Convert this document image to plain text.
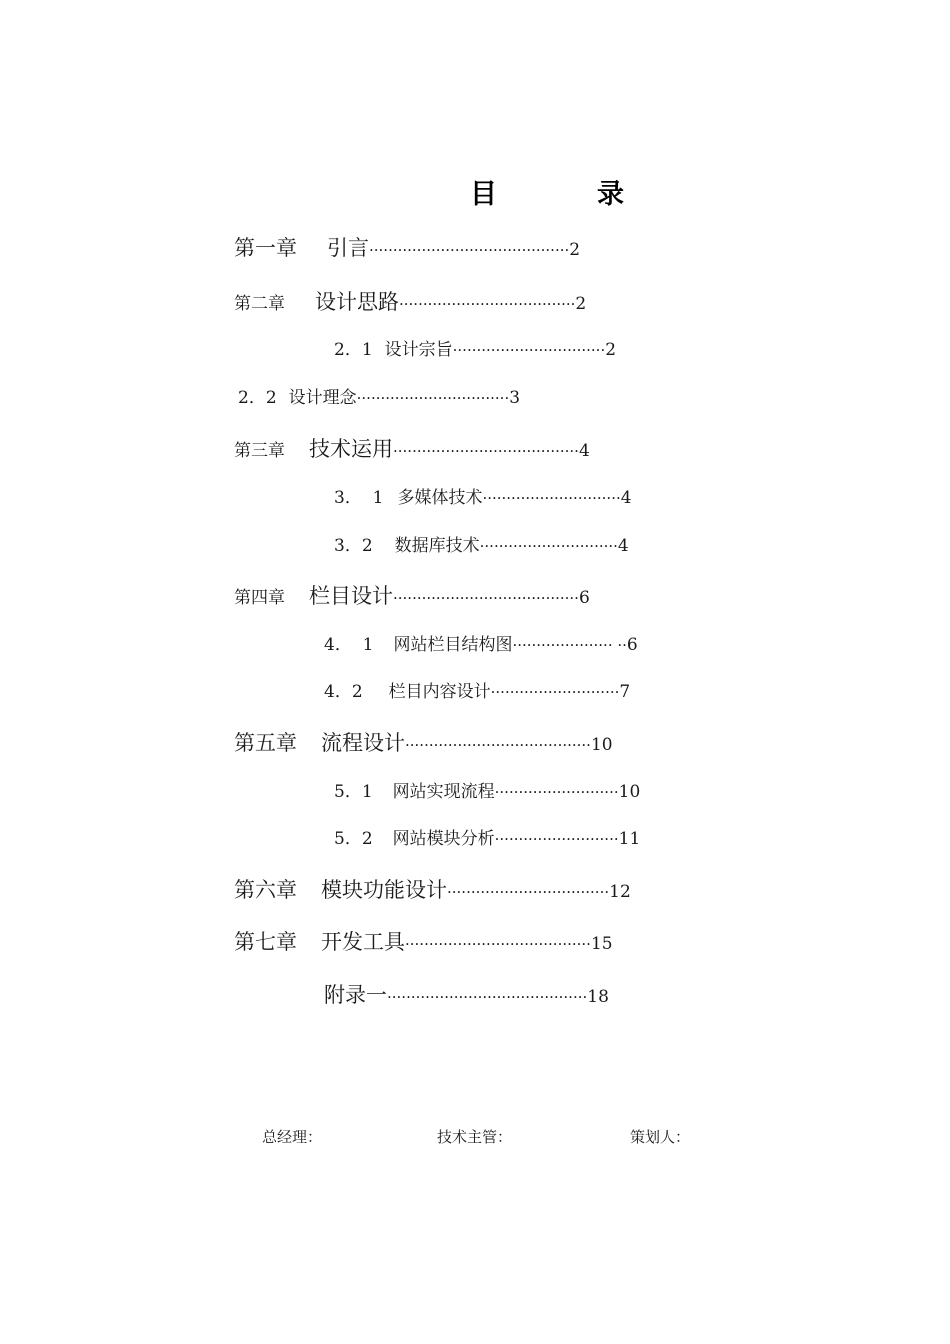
目	录
第一章 引言··········································2
第二章 设计思路·····································2
2．1 设计宗旨································2
2．2 设计理念································3
第三章 技术运用·······································4
3．  1 多媒体技术·····························4
3．2 数据库技术·····························4
第四章 栏目设计·······································6
4．  1 网站栏目结构图····················· ··6
4．2 栏目内容设计···························7
第五章 流程设计·······································10
5．1 网站实现流程··························10
5．2 网站模块分析··························11
第六章 模块功能设计··································12
第七章 开发工具·······································15
附录一··········································18
总经理：	技术主管：	策划人：
